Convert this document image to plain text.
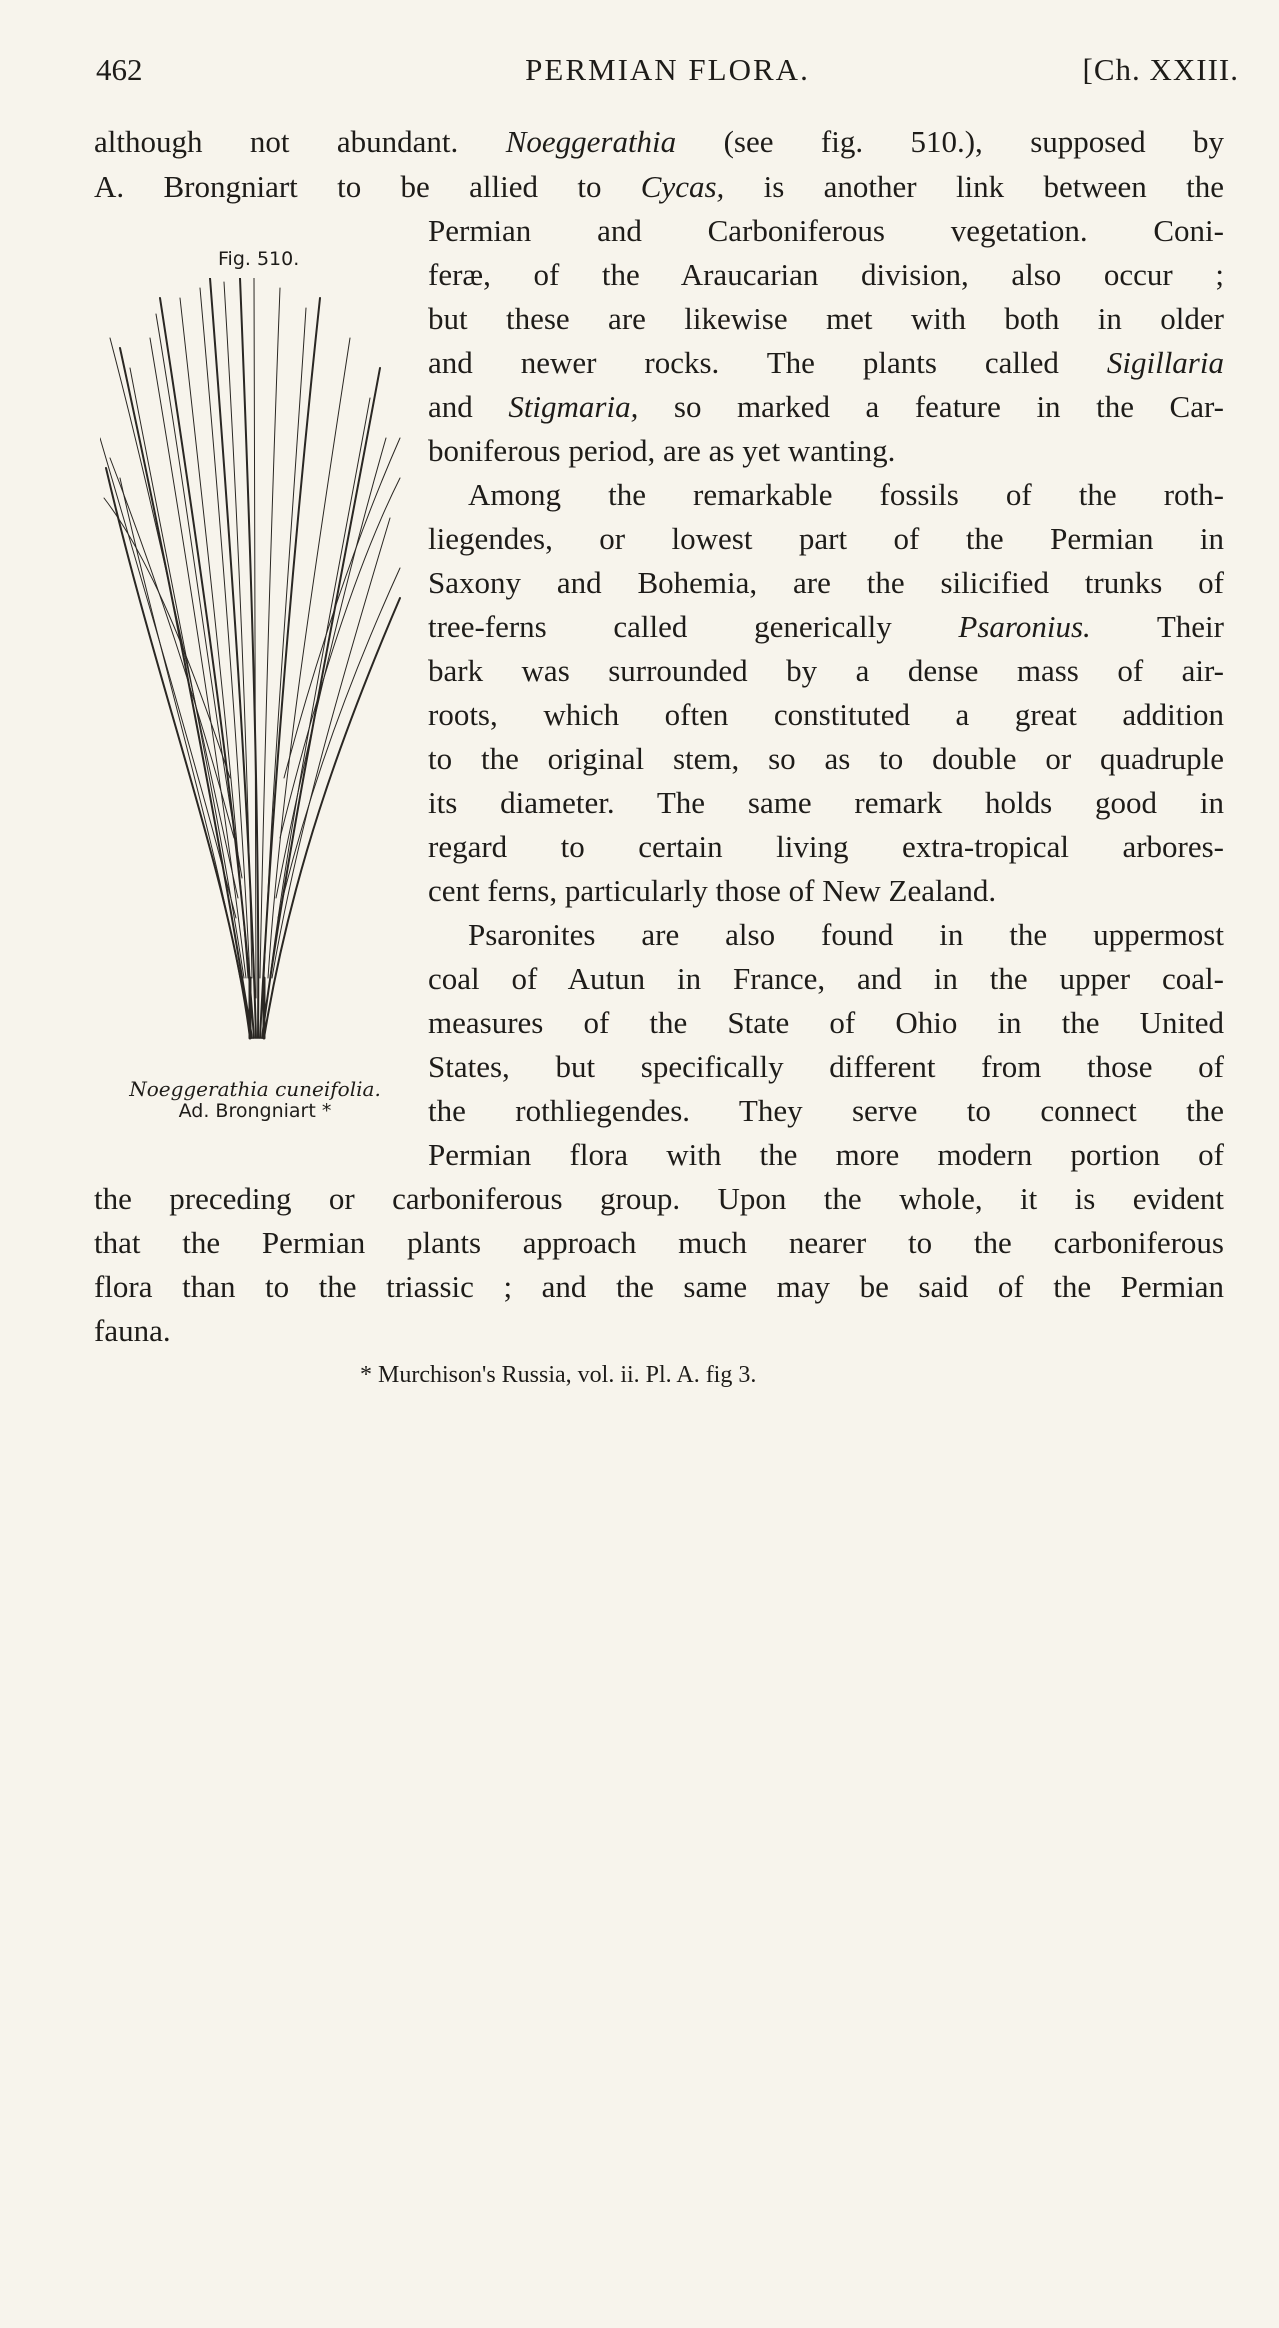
462	PERMIAN FLORA.	[Ch. XXIII.
although not abundant. Noeggerathia (see fig. 510.), supposed by
A. Brongniart to be allied to Cycas, is another link between the
Permian and Carboniferous vegetation. Coni-
feræ, of the Araucarian division, also occur ;
but these are likewise met with both in older
and newer rocks. The plants called Sigillaria
and Stigmaria, so marked a feature in the Car-
boniferous period, are as yet wanting.
Among the remarkable fossils of the roth-
liegendes, or lowest part of the Permian in
Saxony and Bohemia, are the silicified trunks of
tree-ferns called generically Psaronius. Their
bark was surrounded by a dense mass of air-
roots, which often constituted a great addition
to the original stem, so as to double or quadruple
its diameter. The same remark holds good in
regard to certain living extra-tropical arbores-
cent ferns, particularly those of New Zealand.
Psaronites are also found in the uppermost
coal of Autun in France, and in the upper coal-
measures of the State of Ohio in the United
States, but specifically different from those of
the rothliegendes. They serve to connect the
Permian flora with the more modern portion of
the preceding or carboniferous group. Upon the whole, it is evident
that the Permian plants approach much nearer to the carboniferous
flora than to the triassic ; and the same may be said of the Permian
fauna.
Fig. 510.
Noeggerathia cuneifolia.
Ad. Brongniart *
* Murchison's Russia, vol. ii. Pl. A. fig 3.
